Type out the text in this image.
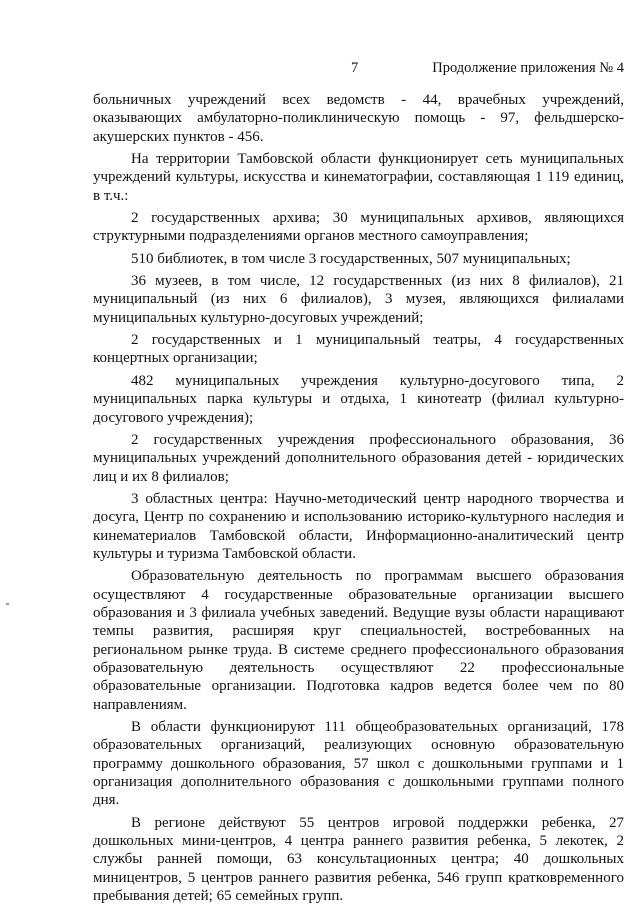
7	Продолжение приложения № 4

больничных учреждений всех ведомств - 44, врачебных учреждений, оказывающих амбулаторно-поликлиническую помощь - 97, фельдшерско-акушерских пунктов - 456.

На территории Тамбовской области функционирует сеть муниципальных учреждений культуры, искусства и кинематографии, составляющая 1 119 единиц, в т.ч.:

2 государственных архива; 30 муниципальных архивов, являющихся структурными подразделениями органов местного самоуправления;

510 библиотек, в том числе 3 государственных, 507 муниципальных;

36 музеев, в том числе, 12 государственных (из них 8 филиалов), 21 муниципальный (из них 6 филиалов), 3 музея, являющихся филиалами муниципальных культурно-досуговых учреждений;

2 государственных и 1 муниципальный театры, 4 государственных концертных организации;

482 муниципальных учреждения культурно-досугового типа, 2 муниципальных парка культуры и отдыха, 1 кинотеатр (филиал культурно-досугового учреждения);

2 государственных учреждения профессионального образования, 36 муниципальных учреждений дополнительного образования детей - юридических лиц и их 8 филиалов;

3 областных центра: Научно-методический центр народного творчества и досуга, Центр по сохранению и использованию историко-культурного наследия и кинематериалов Тамбовской области, Информационно-аналитический центр культуры и туризма Тамбовской области.

Образовательную деятельность по программам высшего образования осуществляют 4 государственные образовательные организации высшего образования и 3 филиала учебных заведений. Ведущие вузы области наращивают темпы развития, расширяя круг специальностей, востребованных на региональном рынке труда. В системе среднего профессионального образования образовательную деятельность осуществляют 22 профессиональные образовательные организации. Подготовка кадров ведется более чем по 80 направлениям.

В области функционируют 111 общеобразовательных организаций, 178 образовательных организаций, реализующих основную образовательную программу дошкольного образования, 57 школ с дошкольными группами и 1 организация дополнительного образования с дошкольными группами полного дня.

В регионе действуют 55 центров игровой поддержки ребенка, 27 дошкольных мини-центров, 4 центра раннего развития ребенка, 5 лекотек, 2 службы ранней помощи, 63 консультационных центра; 40 дошкольных миницентров, 5 центров раннего развития ребенка, 546 групп кратковременного пребывания детей; 65 семейных групп.
